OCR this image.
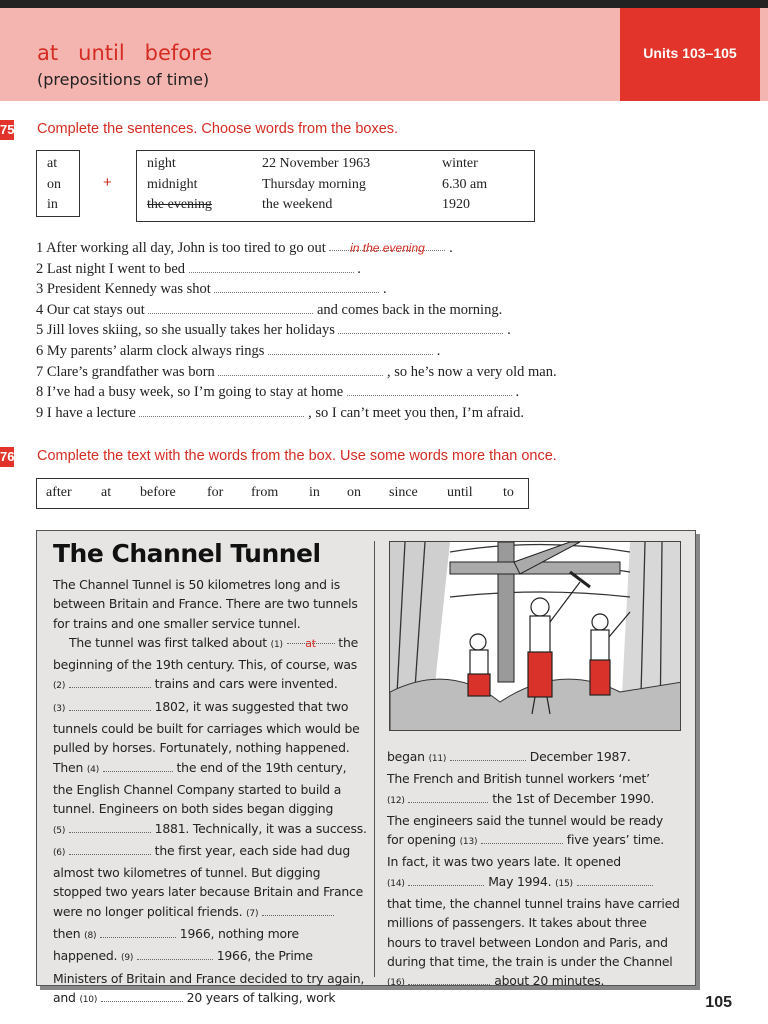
Units 103–105
at   until   before
(prepositions of time)
75 Complete the sentences. Choose words from the boxes.
at
on
in
+
night
midnight
the evening
22 November 1963
Thursday morning
the weekend
winter
6.30 am
1920
1 After working all day, John is too tired to go out in the evening .
2 Last night I went to bed	.
3 President Kennedy was shot	.
4 Our cat stays out	and comes back in the morning.
5 Jill loves skiing, so she usually takes her holidays	.
6 My parents’ alarm clock always rings	.
7 Clare’s grandfather was born	, so he’s now a very old man.
8 I’ve had a busy week, so I’m going to stay at home	.
9 I have a lecture	, so I can’t meet you then, I’m afraid.
76 Complete the text with the words from the box. Use some words more than once.
after at before for from in on since until to
The Channel Tunnel
The Channel Tunnel is 50 kilometres long and is
between Britain and France. There are two tunnels
for trains and one smaller service tunnel.
The tunnel was first talked about (1) at the
beginning of the 19th century. This, of course, was
(2)	trains and cars were invented.
(3)	1802, it was suggested that two
tunnels could be built for carriages which would be
pulled by horses. Fortunately, nothing happened.
Then (4)	the end of the 19th century,
the English Channel Company started to build a
tunnel. Engineers on both sides began digging
(5)	1881. Technically, it was a success.
(6)	the first year, each side had dug
almost two kilometres of tunnel. But digging
stopped two years later because Britain and France
were no longer political friends. (7)
then (8)	1966, nothing more
happened. (9)	1966, the Prime
Ministers of Britain and France decided to try again,
and (10)	20 years of talking, work
began (11)	December 1987.
The French and British tunnel workers ‘met’
(12)	the 1st of December 1990.
The engineers said the tunnel would be ready
for opening (13)	five years’ time.
In fact, it was two years late. It opened
(14)	May 1994. (15)
that time, the channel tunnel trains have carried
millions of passengers. It takes about three
hours to travel between London and Paris, and
during that time, the train is under the Channel
(16)	about 20 minutes.
105
